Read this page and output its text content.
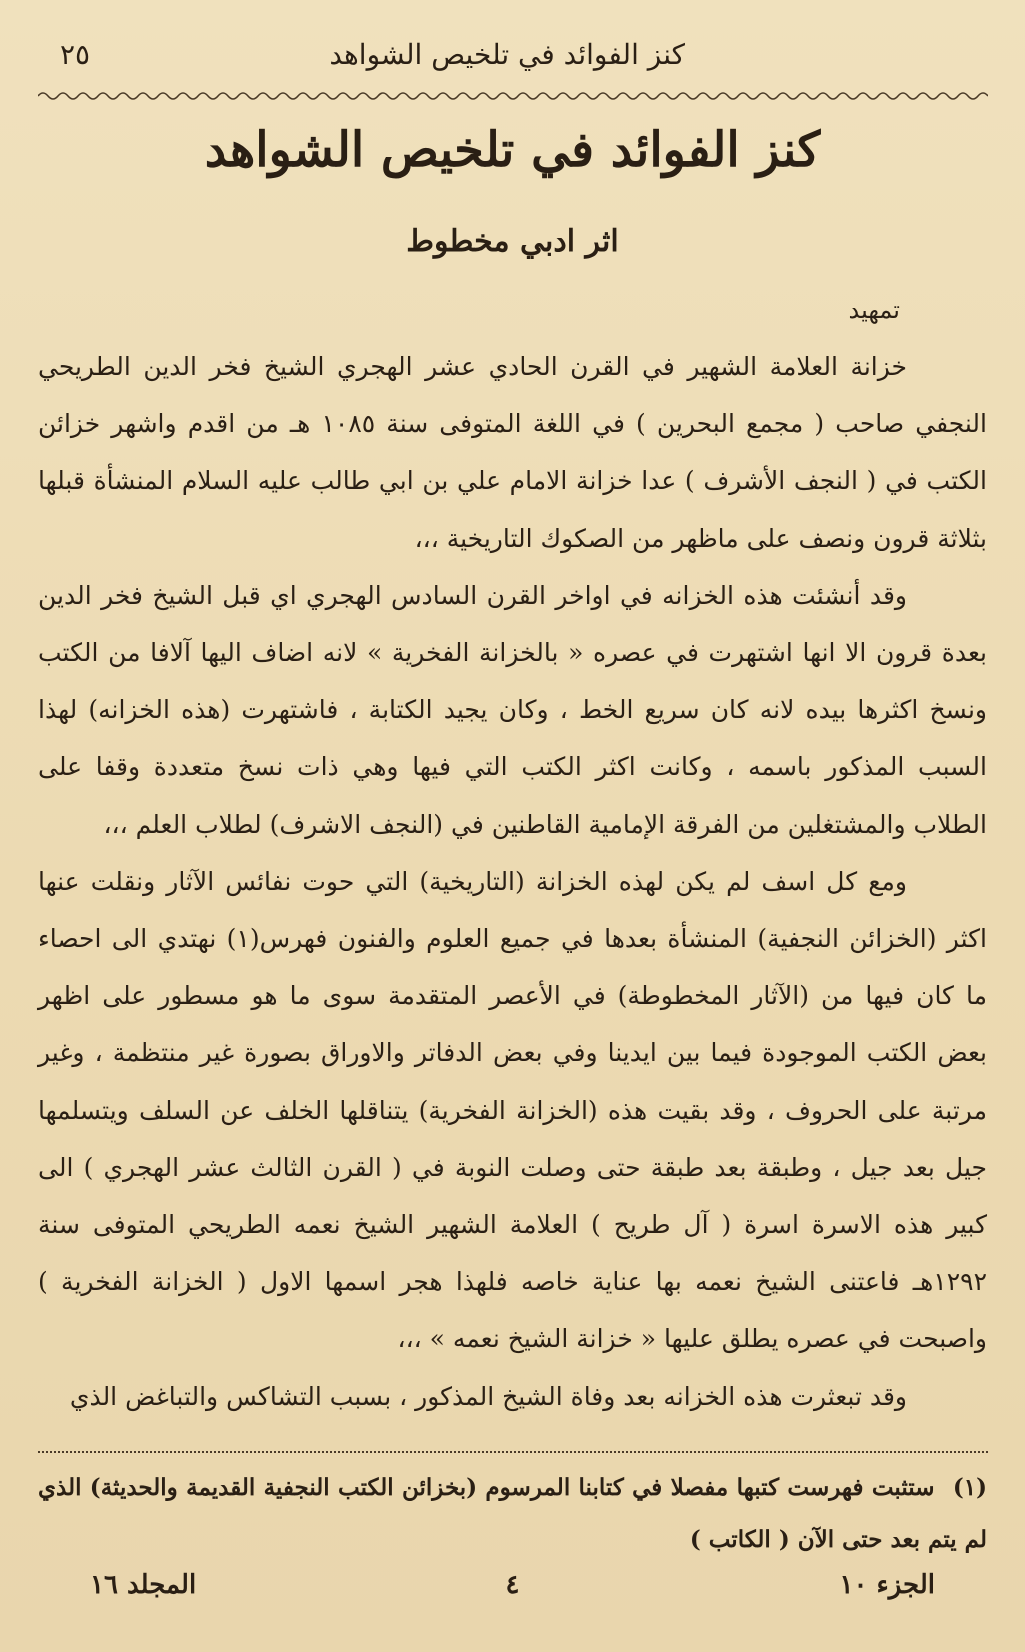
كنز الفوائد في تلخيص الشواهد
٢٥
كنز الفوائد في تلخيص الشواهد
اثر ادبي مخطوط
تمهيد

خزانة العلامة الشهير في القرن الحادي عشر الهجري الشيخ فخر الدين الطريحي النجفي صاحب ( مجمع البحرين ) في اللغة المتوفى سنة ١٠٨٥ هـ من اقدم واشهر خزائن الكتب في ( النجف الأشرف ) عدا خزانة الامام علي بن ابي طالب عليه السلام المنشأة قبلها بثلاثة قرون ونصف على ماظهر من الصكوك التاريخية ،،،

وقد أنشئت هذه الخزانه في اواخر القرن السادس الهجري اي قبل الشيخ فخر الدين بعدة قرون الا انها اشتهرت في عصره « بالخزانة الفخرية » لانه اضاف اليها آلافا من الكتب ونسخ اكثرها بيده لانه كان سريع الخط ، وكان يجيد الكتابة ، فاشتهرت (هذه الخزانه) لهذا السبب المذكور باسمه ، وكانت اكثر الكتب التي فيها وهي ذات نسخ متعددة وقفا على الطلاب والمشتغلين من الفرقة الإمامية القاطنين في (النجف الاشرف) لطلاب العلم ،،،

ومع كل اسف لم يكن لهذه الخزانة (التاريخية) التي حوت نفائس الآثار ونقلت عنها اكثر (الخزائن النجفية) المنشأة بعدها في جميع العلوم والفنون فهرس(١) نهتدي الى احصاء ما كان فيها من (الآثار المخطوطة) في الأعصر المتقدمة سوى ما هو مسطور على اظهر بعض الكتب الموجودة فيما بين ايدينا وفي بعض الدفاتر والاوراق بصورة غير منتظمة ، وغير مرتبة على الحروف ، وقد بقيت هذه (الخزانة الفخرية) يتناقلها الخلف عن السلف ويتسلمها جيل بعد جيل ، وطبقة بعد طبقة حتى وصلت النوبة في ( القرن الثالث عشر الهجري ) الى كبير هذه الاسرة اسرة ( آل طريح ) العلامة الشهير الشيخ نعمه الطريحي المتوفى سنة ١٢٩٢هـ فاعتنى الشيخ نعمه بها عناية خاصه فلهذا هجر اسمها الاول ( الخزانة الفخرية ) واصبحت في عصره يطلق عليها « خزانة الشيخ نعمه » ،،،

وقد تبعثرت هذه الخزانه بعد وفاة الشيخ المذكور ، بسبب التشاكس والتباغض الذي

(١) ستثبت فهرست كتبها مفصلا في كتابنا المرسوم (بخزائن الكتب النجفية القديمة والحديثة) الذي لم يتم بعد حتى الآن ( الكاتب )
الجزء ١٠
٤
المجلد ١٦
